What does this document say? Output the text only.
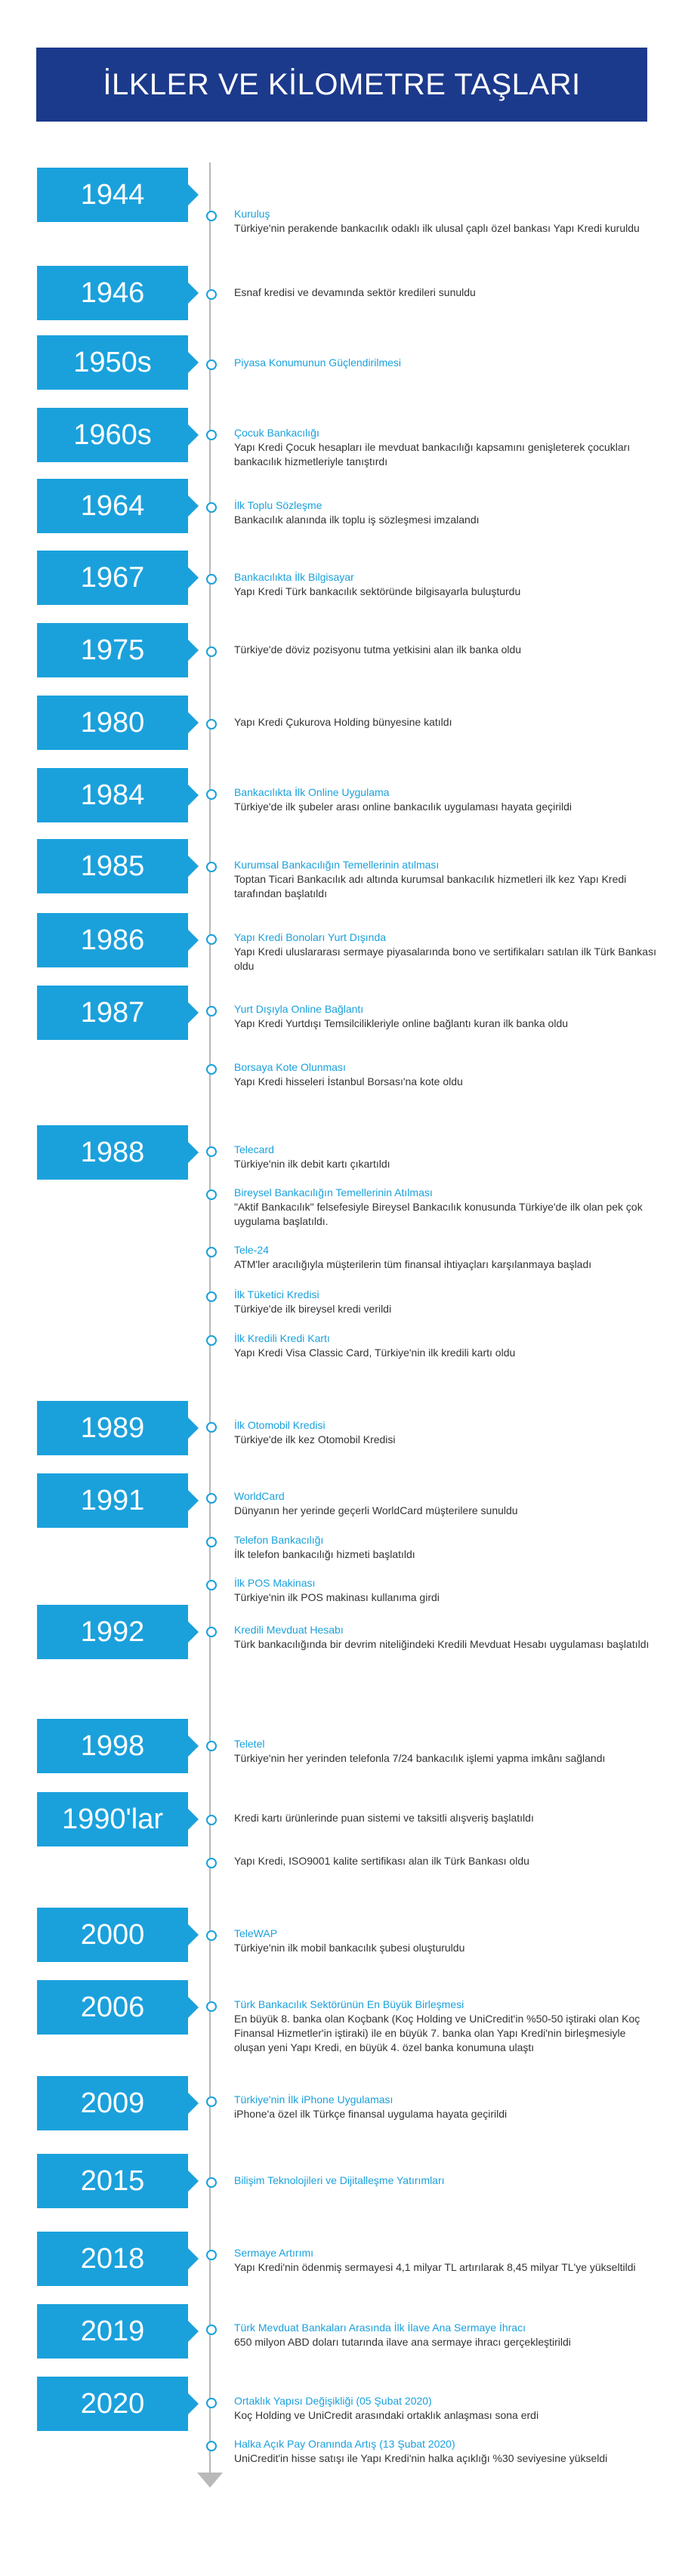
İLKLER VE KİLOMETRE TAŞLARI
1944
1946
1950s
1960s
1964
1967
1975
1980
1984
1985
1986
1987
1988
1989
1991
1992
1998
1990'lar
2000
2006
2009
2015
2018
2019
2020
Kuruluş
Türkiye'nin perakende bankacılık odaklı ilk ulusal çaplı özel bankası Yapı Kredi kuruldu
Esnaf kredisi ve devamında sektör kredileri sunuldu
Piyasa Konumunun Güçlendirilmesi
Çocuk Bankacılığı
Yapı Kredi Çocuk hesapları ile mevduat bankacılığı kapsamını genişleterek çocukları bankacılık hizmetleriyle tanıştırdı
İlk Toplu Sözleşme
Bankacılık alanında ilk toplu iş sözleşmesi imzalandı
Bankacılıkta İlk Bilgisayar
Yapı Kredi Türk bankacılık sektöründe bilgisayarla buluşturdu
Türkiye'de döviz pozisyonu tutma yetkisini alan ilk banka oldu
Yapı Kredi Çukurova Holding bünyesine katıldı
Bankacılıkta İlk Online Uygulama
Türkiye'de ilk şubeler arası online bankacılık uygulaması hayata geçirildi
Kurumsal Bankacılığın Temellerinin atılması
Toptan Ticari Bankacılık adı altında kurumsal bankacılık hizmetleri ilk kez Yapı Kredi tarafından başlatıldı
Yapı Kredi Bonoları Yurt Dışında
Yapı Kredi uluslararası sermaye piyasalarında bono ve sertifikaları satılan ilk Türk Bankası oldu
Yurt Dışıyla Online Bağlantı
Yapı Kredi Yurtdışı Temsilcilikleriyle online bağlantı kuran ilk banka oldu
Borsaya Kote Olunması
Yapı Kredi hisseleri İstanbul Borsası'na kote oldu
Telecard
Türkiye'nin ilk debit kartı çıkartıldı
Bireysel Bankacılığın Temellerinin Atılması
"Aktif Bankacılık" felsefesiyle Bireysel Bankacılık konusunda Türkiye'de ilk olan pek çok uygulama başlatıldı.
Tele-24
ATM'ler aracılığıyla müşterilerin tüm finansal ihtiyaçları karşılanmaya başladı
İlk Tüketici Kredisi
Türkiye'de ilk bireysel kredi verildi
İlk Kredili Kredi Kartı
Yapı Kredi Visa Classic Card, Türkiye'nin ilk kredili kartı oldu
İlk Otomobil Kredisi
Türkiye'de ilk kez Otomobil Kredisi
WorldCard
Dünyanın her yerinde geçerli WorldCard müşterilere sunuldu
Telefon Bankacılığı
İlk telefon bankacılığı hizmeti başlatıldı
İlk POS Makinası
Türkiye'nin ilk POS makinası kullanıma girdi
Kredili Mevduat Hesabı
Türk bankacılığında bir devrim niteliğindeki Kredili Mevduat Hesabı uygulaması başlatıldı
Teletel
Türkiye'nin her yerinden telefonla 7/24 bankacılık işlemi yapma imkânı sağlandı
Kredi kartı ürünlerinde puan sistemi ve taksitli alışveriş başlatıldı
Yapı Kredi, ISO9001 kalite sertifikası alan ilk Türk Bankası oldu
TeleWAP
Türkiye'nin ilk mobil bankacılık şubesi oluşturuldu
Türk Bankacılık Sektörünün En Büyük Birleşmesi
En büyük 8. banka olan Koçbank (Koç Holding ve UniCredit'in %50-50 iştiraki olan Koç Finansal Hizmetler'in iştiraki) ile en büyük 7. banka olan Yapı Kredi'nin birleşmesiyle oluşan yeni Yapı Kredi, en büyük 4. özel banka konumuna ulaştı
Türkiye'nin İlk iPhone Uygulaması
iPhone'a özel ilk Türkçe finansal uygulama hayata geçirildi
Bilişim Teknolojileri ve Dijitalleşme Yatırımları
Sermaye Artırımı
Yapı Kredi'nin ödenmiş sermayesi 4,1 milyar TL artırılarak 8,45 milyar TL'ye yükseltildi
Türk Mevduat Bankaları Arasında İlk İlave Ana Sermaye İhracı
650 milyon ABD doları tutarında ilave ana sermaye ihracı gerçekleştirildi
Ortaklık Yapısı Değişikliği (05 Şubat 2020)
Koç Holding ve UniCredit arasındaki ortaklık anlaşması sona erdi
Halka Açık Pay Oranında Artış (13 Şubat 2020)
UniCredit'in hisse satışı ile Yapı Kredi'nin halka açıklığı %30 seviyesine yükseldi
